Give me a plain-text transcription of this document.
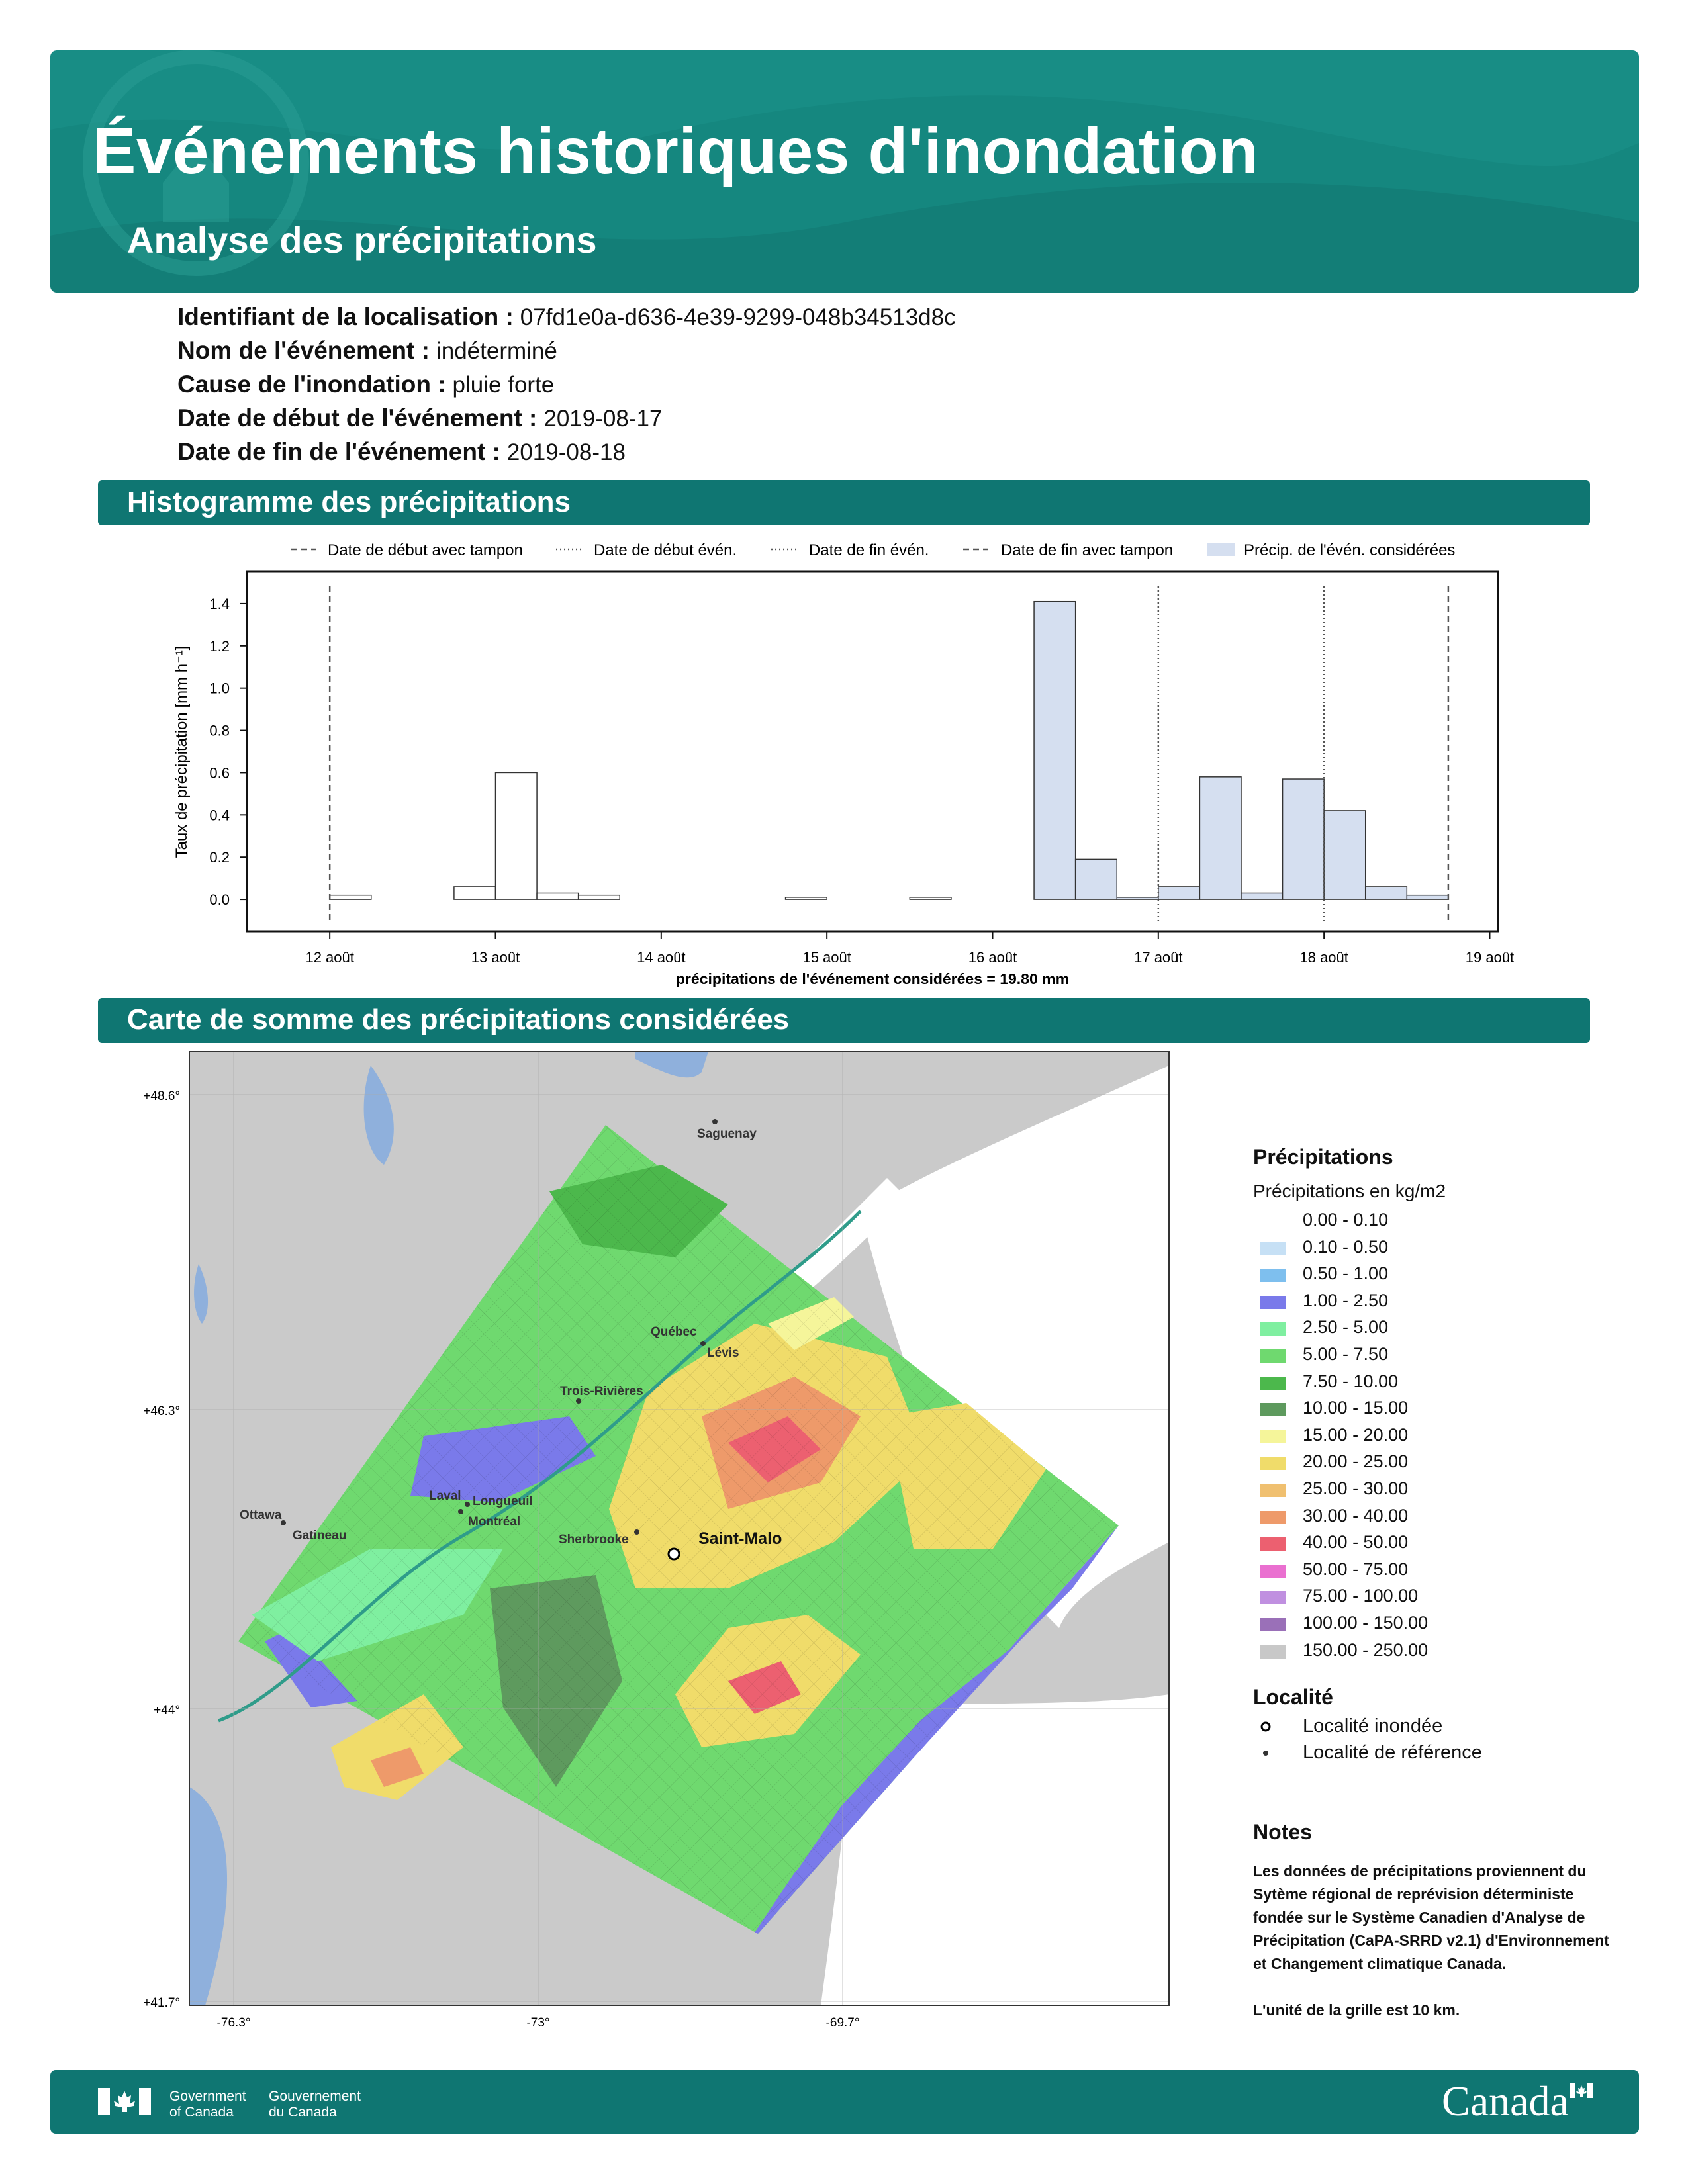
Événements historiques d'inondation
Analyse des précipitations
Identifiant de la localisation : 07fd1e0a-d636-4e39-9299-048b34513d8c
Nom de l'événement : indéterminé
Cause de l'inondation : pluie forte
Date de début de l'événement : 2019-08-17
Date de fin de l'événement : 2019-08-18
Histogramme des précipitations
Date de début avec tampon	Date de début évén.	Date de fin évén.	Date de fin avec tampon	Précip. de l'évén. considérées
0.0
0.2
0.4
0.6
0.8
1.0
1.2
1.4
12 août	13 août	14 août	15 août	16 août	17 août	18 août	19 août
Taux de précipitation [mm h⁻¹]
précipitations de l'événement considérées = 19.80 mm
Carte de somme des précipitations considérées
+48.6°
+46.3°
+44°
+41.7°
-76.3°	-73°	-69.7°
Saguenay
Québec
Lévis
Trois-Rivières
Laval Longueuil
Montréal
Ottawa
Gatineau	Sherbrooke	Saint-Malo
Précipitations
Précipitations en kg/m2
0.00 - 0.10
0.10 - 0.50
0.50 - 1.00
1.00 - 2.50
2.50 - 5.00
5.00 - 7.50
7.50 - 10.00
10.00 - 15.00
15.00 - 20.00
20.00 - 25.00
25.00 - 30.00
30.00 - 40.00
40.00 - 50.00
50.00 - 75.00
75.00 - 100.00
100.00 - 150.00
150.00 - 250.00
Localité
Localité inondée
Localité de référence
Notes

Les données de précipitations proviennent du Sytème régional de reprévision déterministe fondée sur le Système Canadien d'Analyse de Précipitation (CaPA-SRRD v2.1) d'Environnement et Changement climatique Canada.

L'unité de la grille est 10 km.

Government
of Canada
Gouvernement
du Canada	Canada
